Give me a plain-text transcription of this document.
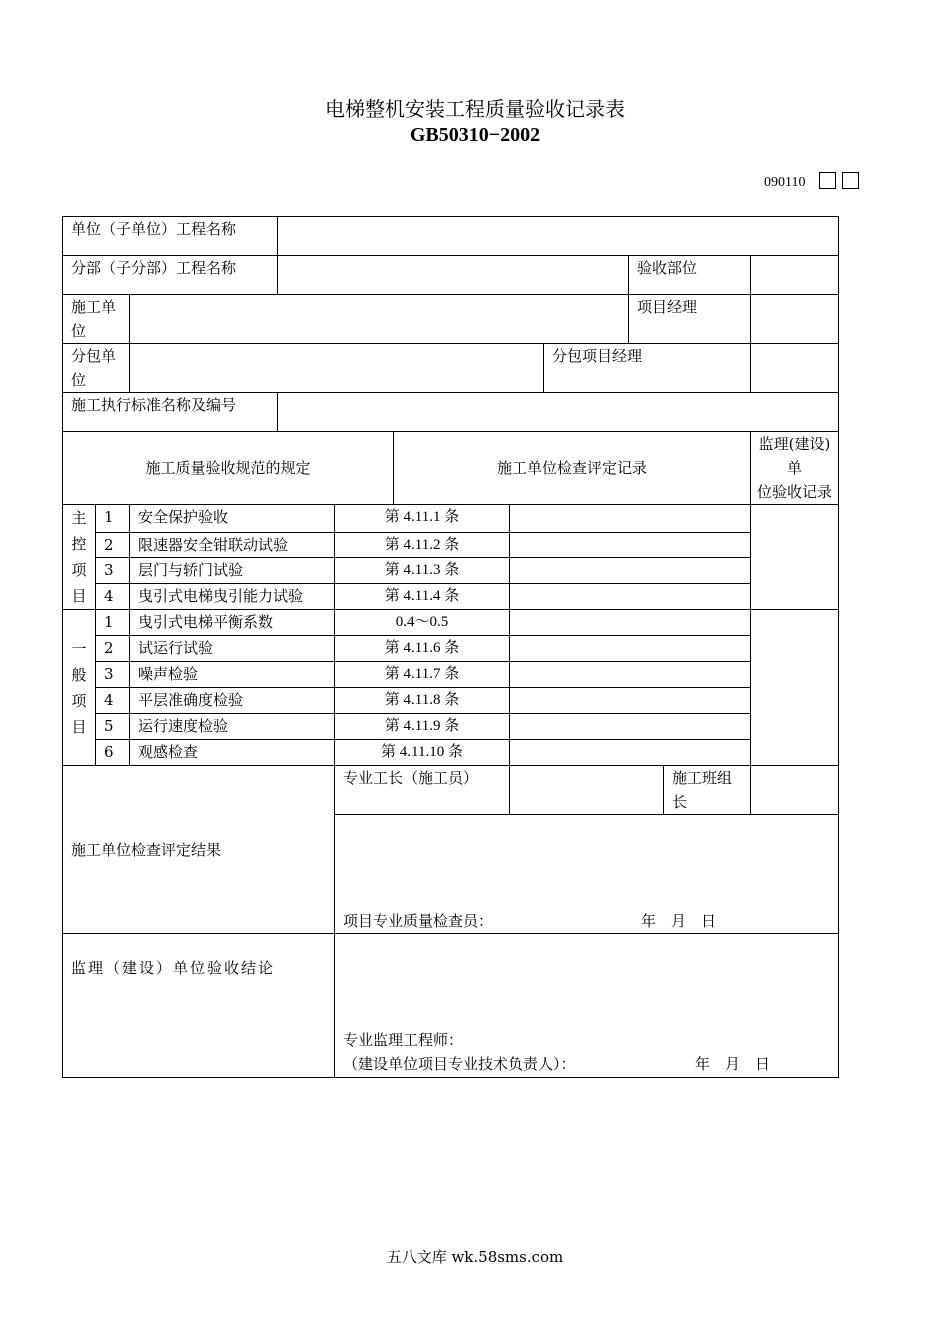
电梯整机安装工程质量验收记录表
GB50310−2002
090110
单位（子单位）工程名称										
分部（子分部）工程名称								验收部位		
施工单位								项目经理		
分包单位							分包项目经理			
施工执行标准名称及编号										
施工质量验收规范的规定					施工单位检查评定记录					监理(建设)单
位验收记录

主
控
项
目	1	安全保护验收		第 4.11.1 条						
	2	限速器安全钳联动试验		第 4.11.2 条						
	3	层门与轿门试验		第 4.11.3 条						
	4	曳引式电梯曳引能力试验		第 4.11.4 条						

一
般
项
目	1	曳引式电梯平衡系数		0.4～0.5						
	2	试运行试验		第 4.11.6 条						
	3	噪声检验		第 4.11.7 条						
	4	平层准确度检验		第 4.11.8 条						
	5	运行速度检验		第 4.11.9 条						
	6	观感检查		第 4.11.10 条						
施工单位检查评定结果				专业工长（施工员）					施工班组长	

				项目专业质量检查员： 年　月　日						

监理（建设）单位验收结论				专业监理工程师：
（建设单位项目专业技术负责人）： 年　月　日						
五八文库 wk.58sms.com
